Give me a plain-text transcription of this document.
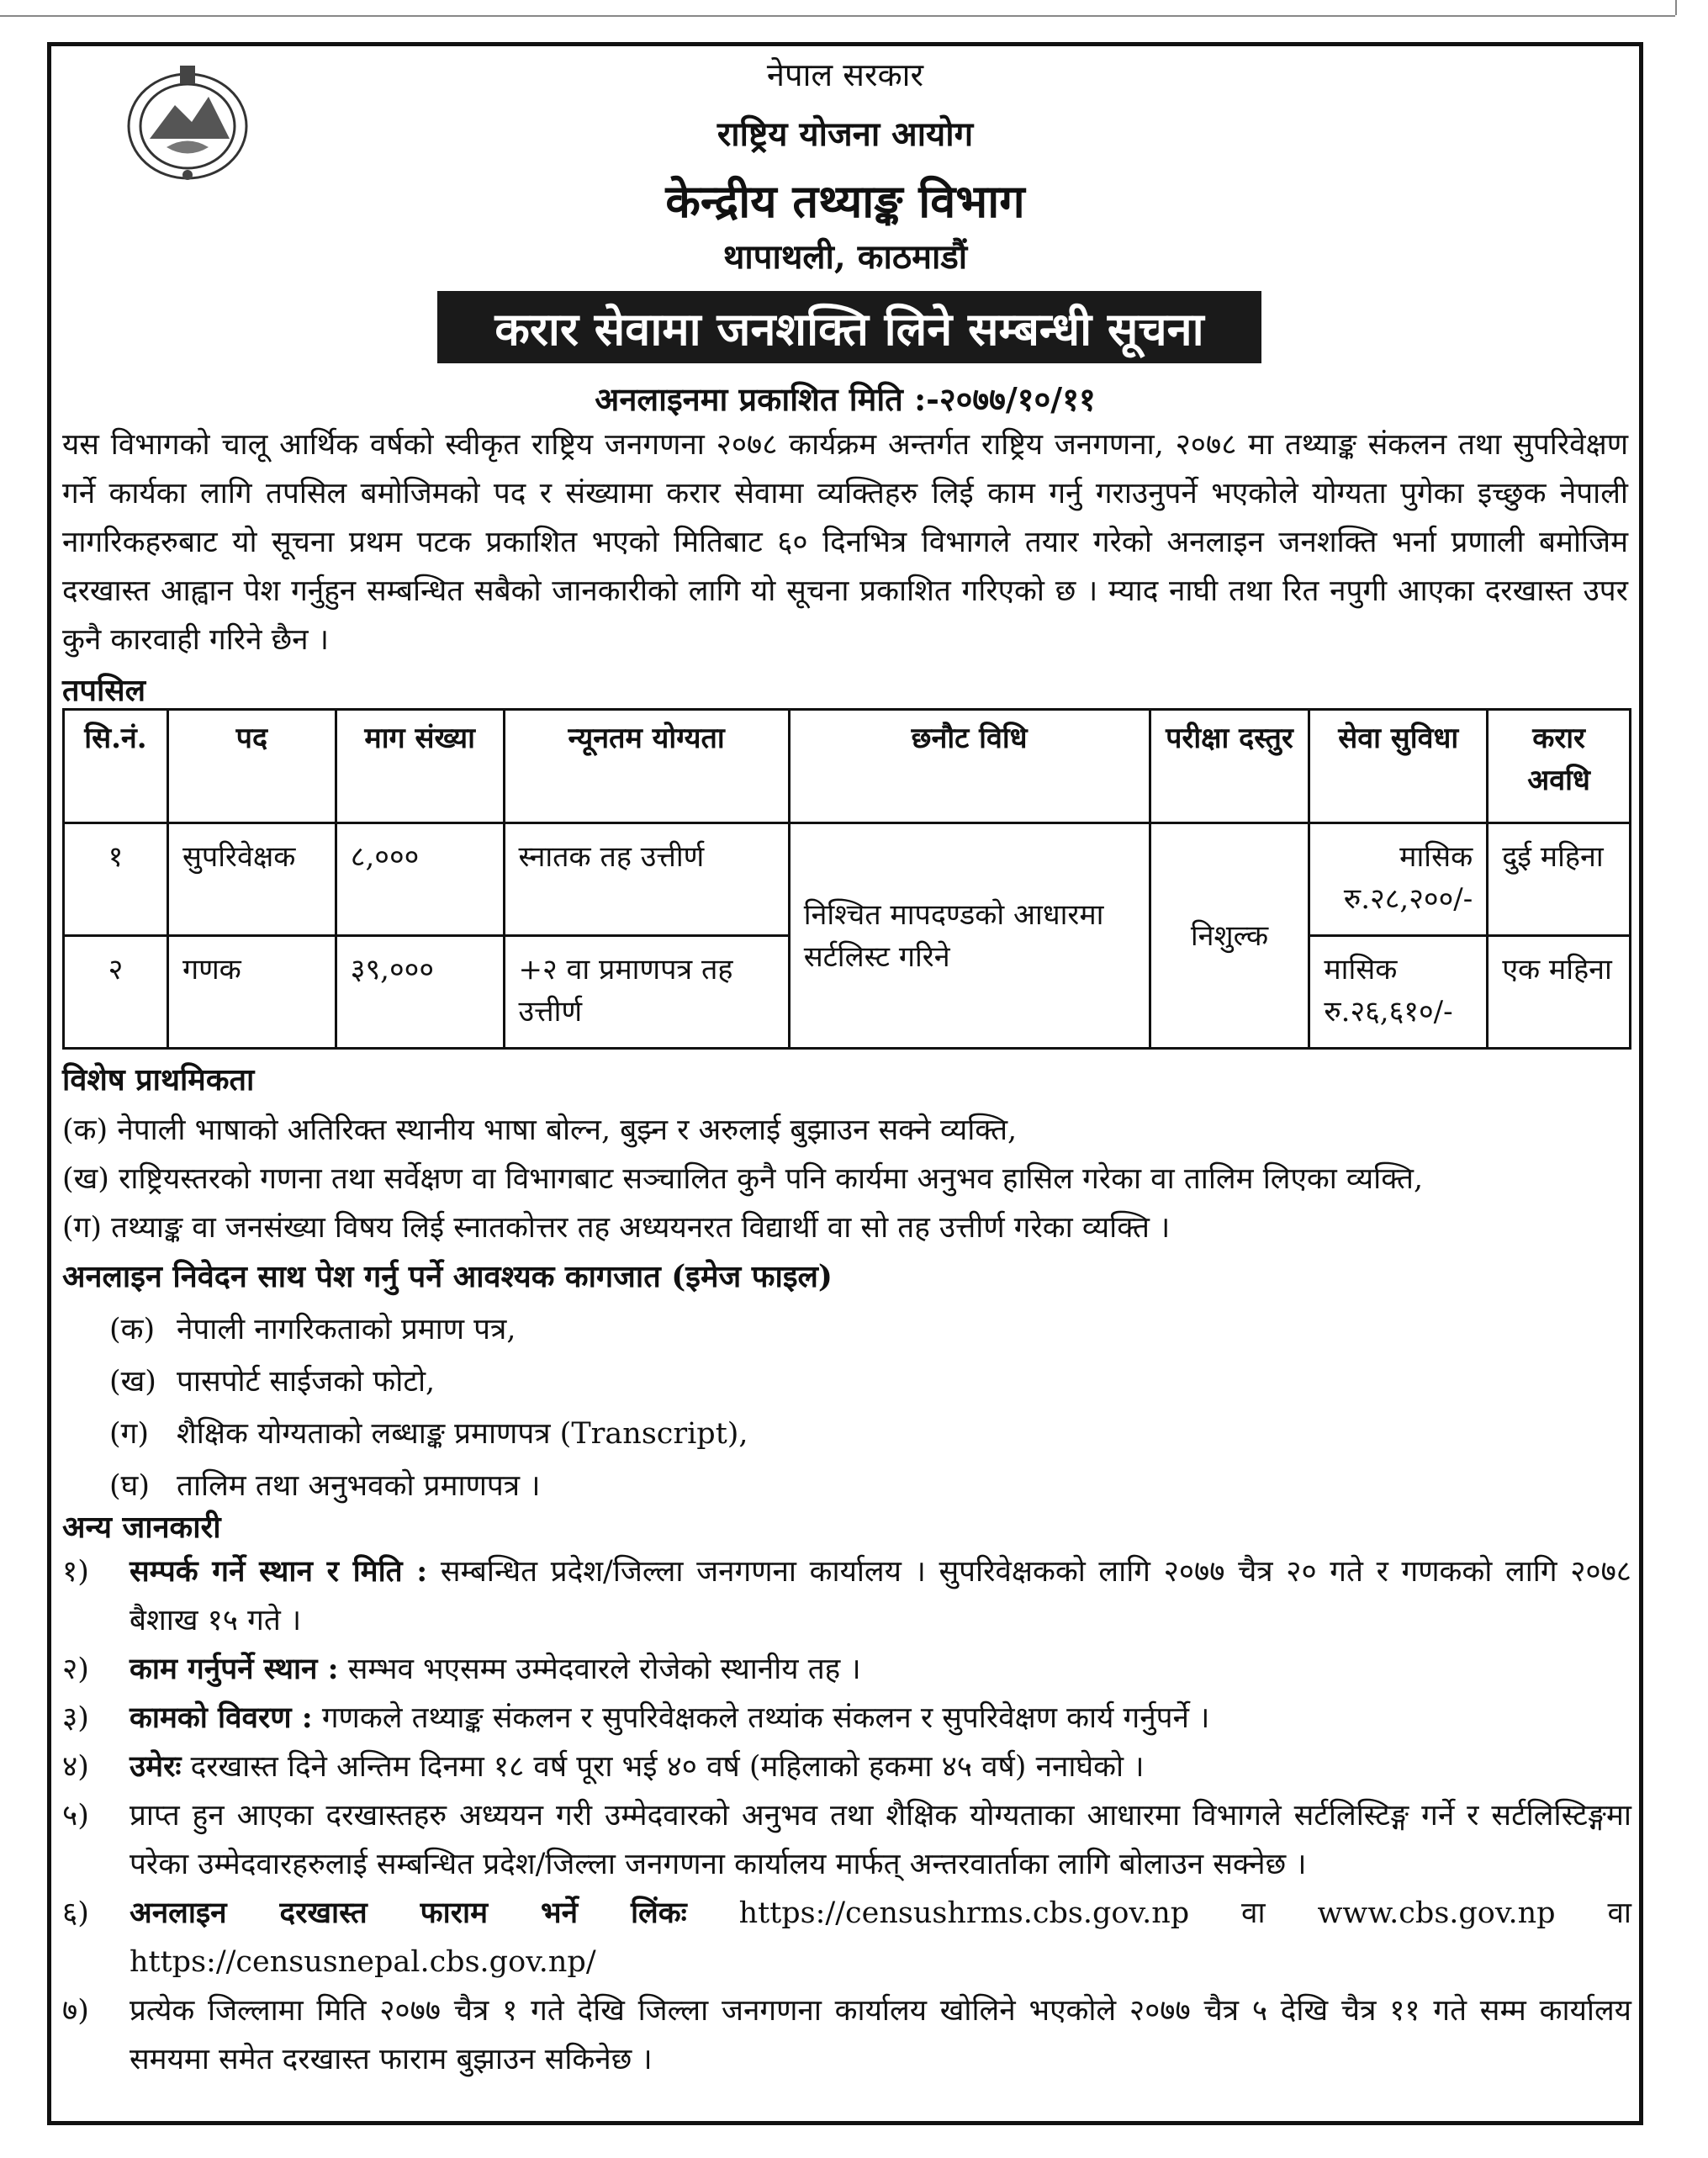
नेपाल सरकार
राष्ट्रिय योजना आयोग
केन्द्रीय तथ्याङ्क विभाग
थापाथली, काठमाडौं
करार सेवामा जनशक्ति लिने सम्बन्धी सूचना
अनलाइनमा प्रकाशित मिति :-२०७७/१०/११
यस विभागको चालू आर्थिक वर्षको स्वीकृत राष्ट्रिय जनगणना २०७८ कार्यक्रम अन्तर्गत राष्ट्रिय जनगणना, २०७८ मा तथ्याङ्क संकलन तथा सुपरिवेक्षण गर्ने कार्यका लागि तपसिल बमोजिमको पद र संख्यामा करार सेवामा व्यक्तिहरु लिई काम गर्नु गराउनुपर्ने भएकोले योग्यता पुगेका इच्छुक नेपाली नागरिकहरुबाट यो सूचना प्रथम पटक प्रकाशित भएको मितिबाट ६० दिनभित्र विभागले तयार गरेको अनलाइन जनशक्ति भर्ना प्रणाली बमोजिम दरखास्त आह्वान पेश गर्नुहुन सम्बन्धित सबैको जानकारीको लागि यो सूचना प्रकाशित गरिएको छ । म्याद नाघी तथा रित नपुगी आएका दरखास्त उपर कुनै कारवाही गरिने छैन ।
तपसिल
सि.नं.	पद	माग संख्या	न्यूनतम योग्यता	छनौट विधि	परीक्षा दस्तुर	सेवा सुविधा	करार अवधि
१	सुपरिवेक्षक	८,०००	स्नातक तह उत्तीर्ण	निश्चित मापदण्डको आधारमा सर्टलिस्ट गरिने	निशुल्क	मासिक रु.२८,२००/-	दुई महिना
२	गणक	३९,०००	+२ वा प्रमाणपत्र तह उत्तीर्ण			मासिक रु.२६,६१०/-	एक महिना
विशेष प्राथमिकता
(क) नेपाली भाषाको अतिरिक्त स्थानीय भाषा बोल्न, बुझ्न र अरुलाई बुझाउन सक्ने व्यक्ति,
(ख) राष्ट्रियस्तरको गणना तथा सर्वेक्षण वा विभागबाट सञ्चालित कुनै पनि कार्यमा अनुभव हासिल गरेका वा तालिम लिएका व्यक्ति,
(ग) तथ्याङ्क वा जनसंख्या विषय लिई स्नातकोत्तर तह अध्ययनरत विद्यार्थी वा सो तह उत्तीर्ण गरेका व्यक्ति ।
अनलाइन निवेदन साथ पेश गर्नु पर्ने आवश्यक कागजात (इमेज फाइल)
(क) नेपाली नागरिकताको प्रमाण पत्र,
(ख) पासपोर्ट साईजको फोटो,
(ग) शैक्षिक योग्यताको लब्धाङ्क प्रमाणपत्र (Transcript),
(घ) तालिम तथा अनुभवको प्रमाणपत्र ।
अन्य जानकारी
१)	सम्पर्क गर्ने स्थान र मिति : सम्बन्धित प्रदेश/जिल्ला जनगणना कार्यालय । सुपरिवेक्षकको लागि २०७७ चैत्र २० गते र गणकको लागि २०७८ बैशाख १५ गते ।
२)	काम गर्नुपर्ने स्थान : सम्भव भएसम्म उम्मेदवारले रोजेको स्थानीय तह ।
३)	कामको विवरण : गणकले तथ्याङ्क संकलन र सुपरिवेक्षकले तथ्यांक संकलन र सुपरिवेक्षण कार्य गर्नुपर्ने ।
४)	उमेरः दरखास्त दिने अन्तिम दिनमा १८ वर्ष पूरा भई ४० वर्ष (महिलाको हकमा ४५ वर्ष) ननाघेको ।
५)	प्राप्त हुन आएका दरखास्तहरु अध्ययन गरी उम्मेदवारको अनुभव तथा शैक्षिक योग्यताका आधारमा विभागले सर्टलिस्टिङ्ग गर्ने र सर्टलिस्टिङ्गमा परेका उम्मेदवारहरुलाई सम्बन्धित प्रदेश/जिल्ला जनगणना कार्यालय मार्फत् अन्तरवार्ताका लागि बोलाउन सक्नेछ ।
६)	अनलाइन दरखास्त फाराम भर्ने लिंकः https://censushrms.cbs.gov.np वा www.cbs.gov.np वा https://censusnepal.cbs.gov.np/
७)	प्रत्येक जिल्लामा मिति २०७७ चैत्र १ गते देखि जिल्ला जनगणना कार्यालय खोलिने भएकोले २०७७ चैत्र ५ देखि चैत्र ११ गते सम्म कार्यालय समयमा समेत दरखास्त फाराम बुझाउन सकिनेछ ।
